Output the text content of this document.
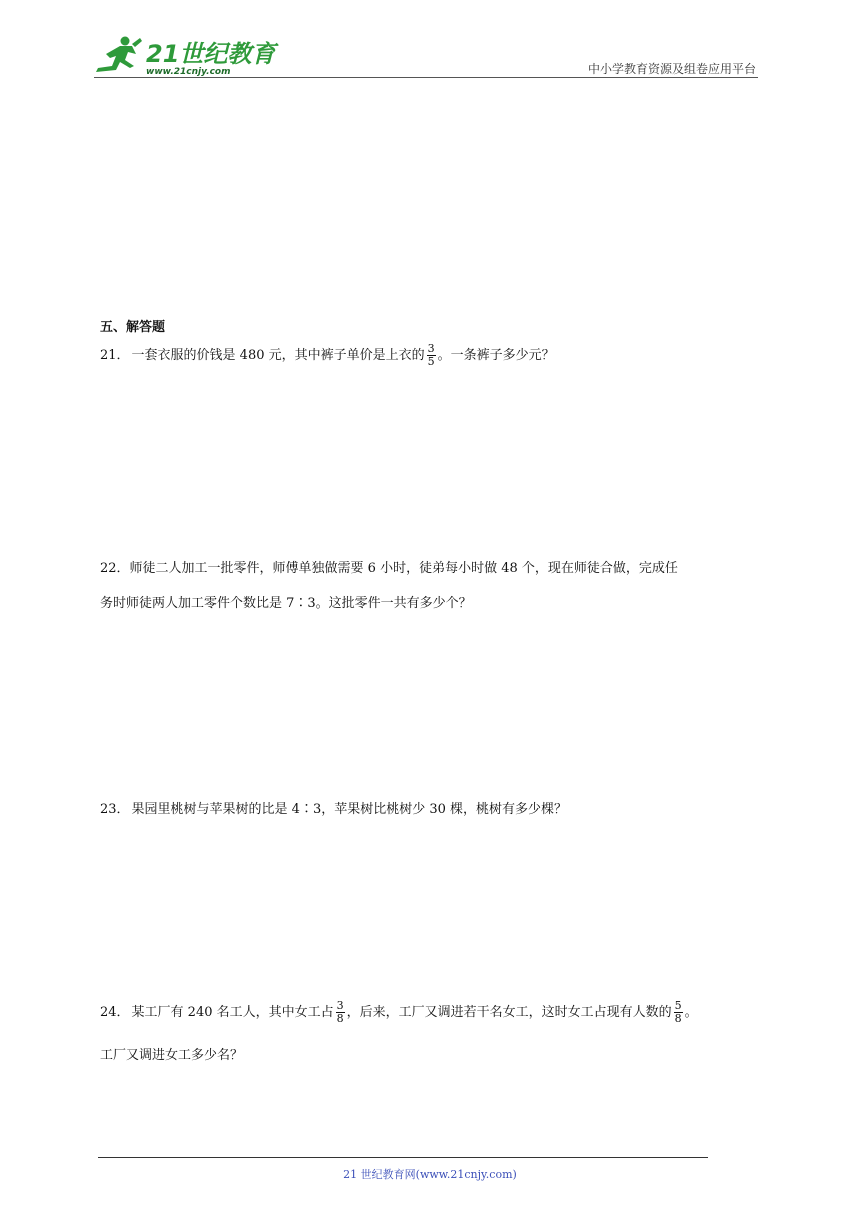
21世纪教育
www.21cnjy.com	中小学教育资源及组卷应用平台
五、解答题
21． 一套衣服的价钱是 480 元，其中裤子单价是上衣的 $\frac{3}{5}$ 。一条裤子多少元？
22．师徒二人加工一批零件，师傅单独做需要 6 小时，徒弟每小时做 48 个，现在师徒合做，完成任
务时师徒两人加工零件个数比是 7∶3。这批零件一共有多少个？
23． 果园里桃树与苹果树的比是 4∶3，苹果树比桃树少 30 棵，桃树有多少棵？
24． 某工厂有 240 名工人，其中女工占 $\frac{3}{8}$ ，后来，工厂又调进若干名女工，这时女工占现有人数的 $\frac{5}{8}$ 。
工厂又调进女工多少名？
21 世纪教育网(www.21cnjy.com)
